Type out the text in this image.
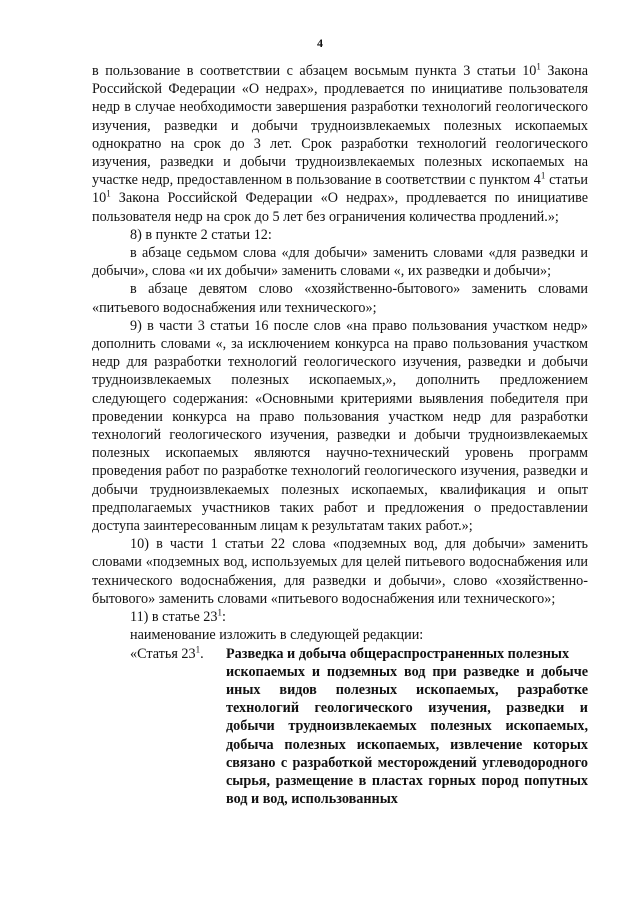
4

в пользование в соответствии с абзацем восьмым пункта 3 статьи $10^1$ Закона Российской Федерации «О недрах», продлевается по инициативе пользователя недр в случае необходимости завершения разработки технологий геологического изучения, разведки и добычи трудноизвлекаемых полезных ископаемых однократно на срок до 3 лет. Срок разработки технологий геологического изучения, разведки и добычи трудноизвлекаемых полезных ископаемых на участке недр, предоставленном в пользование в соответствии с пунктом $4^1$ статьи $10^1$ Закона Российской Федерации «О недрах», продлевается по инициативе пользователя недр на срок до 5 лет без ограничения количества продлений.»;

8) в пункте 2 статьи 12:

в абзаце седьмом слова «для добычи» заменить словами «для разведки и добычи», слова «и их добычи» заменить словами «, их разведки и добычи»;

в абзаце девятом слово «хозяйственно-бытового» заменить словами «питьевого водоснабжения или технического»;

9) в части 3 статьи 16 после слов «на право пользования участком недр» дополнить словами «, за исключением конкурса на право пользования участком недр для разработки технологий геологического изучения, разведки и добычи трудноизвлекаемых полезных ископаемых,», дополнить предложением следующего содержания: «Основными критериями выявления победителя при проведении конкурса на право пользования участком недр для разработки технологий геологического изучения, разведки и добычи трудноизвлекаемых полезных ископаемых являются научно-технический уровень программ проведения работ по разработке технологий геологического изучения, разведки и добычи трудноизвлекаемых полезных ископаемых, квалификация и опыт предполагаемых участников таких работ и предложения о предоставлении доступа заинтересованным лицам к результатам таких работ.»;

10) в части 1 статьи 22 слова «подземных вод, для добычи» заменить словами «подземных вод, используемых для целей питьевого водоснабжения или технического водоснабжения, для разведки и добычи», слово «хозяйственно-бытового» заменить словами «питьевого водоснабжения или технического»;

11) в статье $23^1$:

наименование изложить в следующей редакции:

«Статья $23^1$.	Разведка и добыча общераспространенных полезных

ископаемых и подземных вод при разведке и добыче иных видов полезных ископаемых, разработке технологий геологического изучения, разведки и добычи трудноизвлекаемых полезных ископаемых, добыча полезных ископаемых, извлечение которых связано с разработкой месторождений углеводородного сырья, размещение в пластах горных пород попутных вод и вод, использованных
